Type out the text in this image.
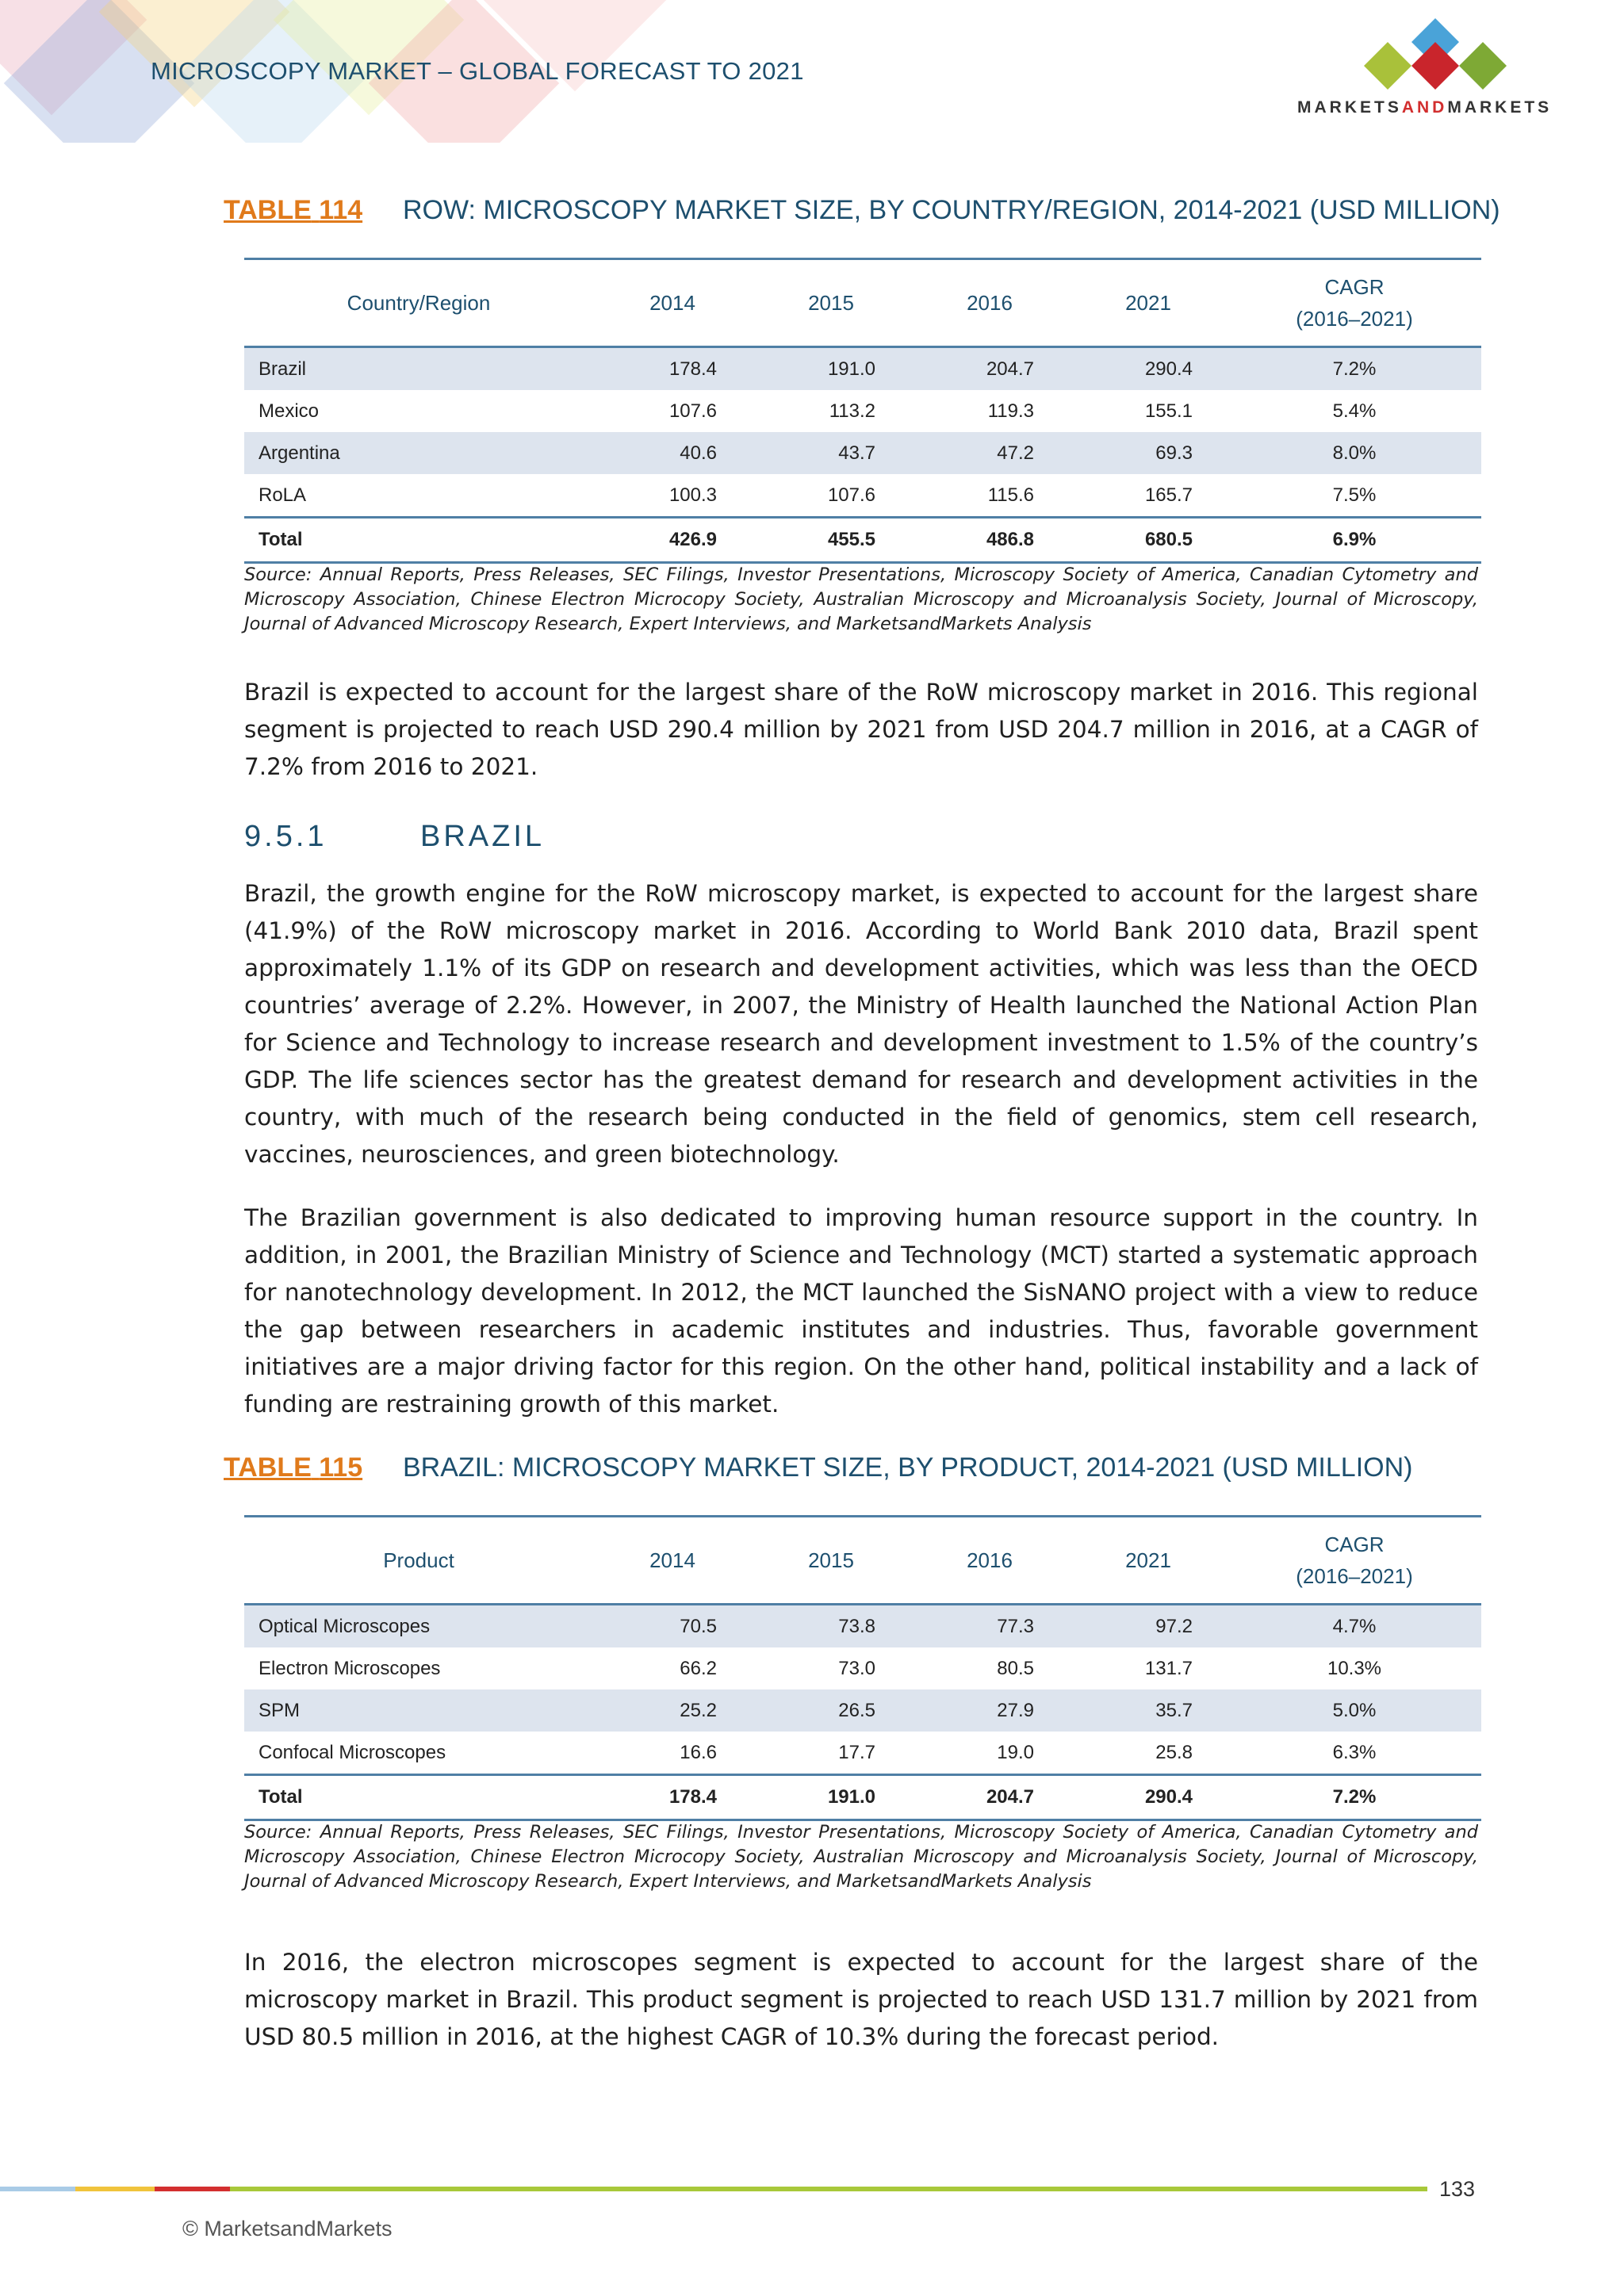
MICROSCOPY MARKET – GLOBAL FORECAST TO 2021
MARKETSANDMARKETS
TABLE 114 ROW: MICROSCOPY MARKET SIZE, BY COUNTRY/REGION, 2014-2021 (USD MILLION)
Country/Region	2014	2015	2016	2021	CAGR
(2016–2021)
Brazil	178.4	191.0	204.7	290.4	7.2%
Mexico	107.6	113.2	119.3	155.1	5.4%
Argentina	40.6	43.7	47.2	69.3	8.0%
RoLA	100.3	107.6	115.6	165.7	7.5%
Total	426.9	455.5	486.8	680.5	6.9%
Source: Annual Reports, Press Releases, SEC Filings, Investor Presentations, Microscopy Society of America, Canadian Cytometry and Microscopy Association, Chinese Electron Microcopy Society, Australian Microscopy and Microanalysis Society, Journal of Microscopy, Journal of Advanced Microscopy Research, Expert Interviews, and MarketsandMarkets Analysis
Brazil is expected to account for the largest share of the RoW microscopy market in 2016. This regional segment is projected to reach USD 290.4 million by 2021 from USD 204.7 million in 2016, at a CAGR of 7.2% from 2016 to 2021.
9.5.1	BRAZIL
Brazil, the growth engine for the RoW microscopy market, is expected to account for the largest share (41.9%) of the RoW microscopy market in 2016. According to World Bank 2010 data, Brazil spent approximately 1.1% of its GDP on research and development activities, which was less than the OECD countries’ average of 2.2%. However, in 2007, the Ministry of Health launched the National Action Plan for Science and Technology to increase research and development investment to 1.5% of the country’s GDP. The life sciences sector has the greatest demand for research and development activities in the country, with much of the research being conducted in the field of genomics, stem cell research, vaccines, neurosciences, and green biotechnology.
The Brazilian government is also dedicated to improving human resource support in the country. In addition, in 2001, the Brazilian Ministry of Science and Technology (MCT) started a systematic approach for nanotechnology development. In 2012, the MCT launched the SisNANO project with a view to reduce the gap between researchers in academic institutes and industries. Thus, favorable government initiatives are a major driving factor for this region. On the other hand, political instability and a lack of funding are restraining growth of this market.
TABLE 115 BRAZIL: MICROSCOPY MARKET SIZE, BY PRODUCT, 2014-2021 (USD MILLION)
Product	2014	2015	2016	2021	CAGR
(2016–2021)
Optical Microscopes	70.5	73.8	77.3	97.2	4.7%
Electron Microscopes	66.2	73.0	80.5	131.7	10.3%
SPM	25.2	26.5	27.9	35.7	5.0%
Confocal Microscopes	16.6	17.7	19.0	25.8	6.3%
Total	178.4	191.0	204.7	290.4	7.2%
Source: Annual Reports, Press Releases, SEC Filings, Investor Presentations, Microscopy Society of America, Canadian Cytometry and Microscopy Association, Chinese Electron Microcopy Society, Australian Microscopy and Microanalysis Society, Journal of Microscopy, Journal of Advanced Microscopy Research, Expert Interviews, and MarketsandMarkets Analysis
In 2016, the electron microscopes segment is expected to account for the largest share of the microscopy market in Brazil. This product segment is projected to reach USD 131.7 million by 2021 from USD 80.5 million in 2016, at the highest CAGR of 10.3% during the forecast period.
133
© MarketsandMarkets
